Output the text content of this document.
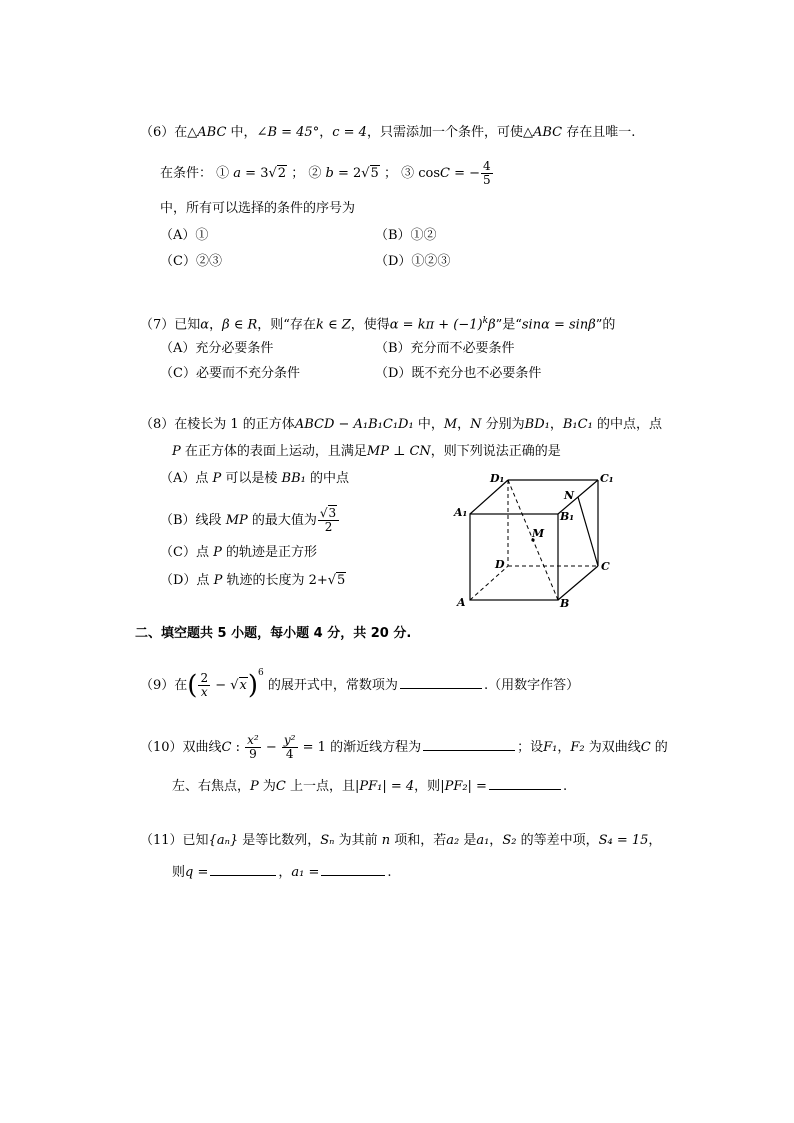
（6）在△ABC 中，∠B = 45°，c = 4，只需添加一个条件，可使△ABC 存在且唯一.
在条件： ① a = 3√2 ； ② b = 2√5 ； ③ cosC = − $\frac{4}{5}$
中，所有可以选择的条件的序号为
（A）①	（B）①②
（C）②③	（D）①②③
（7）已知α，β ∈ R，则“存在k ∈ Z，使得$\alpha = k\pi + (-1)^k\beta$”是“sinα = sinβ”的
（A）充分必要条件	（B）充分而不必要条件
（C）必要而不充分条件	（D）既不充分也不必要条件
（8）在棱长为 1 的正方体ABCD − A₁B₁C₁D₁ 中，M，N 分别为BD₁，B₁C₁ 的中点，点
P 在正方体的表面上运动，且满足MP ⊥ CN，则下列说法正确的是
（A）点 P 可以是棱 BB₁ 的中点
（B）线段 MP 的最大值为 $\frac{√3}{2}$
（C）点 P 的轨迹是正方形
（D）点 P 轨迹的长度为 2+√5
D₁	C₁
N
A₁	B₁
M
D	C
A	B
二、填空题共 5 小题，每小题 4 分，共 20 分.
（9）在( $\frac{2}{x} - √x)^6$ 的展开式中，常数项为	.（用数字作答）
（10）双曲线C : $\frac{\text{x²}}{9} - \frac{\text{y²}}{4} = 1$ 的渐近线方程为	；设F₁，F₂ 为双曲线C 的
左、右焦点，P 为C 上一点，且|PF₁| = 4，则|PF₂| =	.
（11）已知{aₙ} 是等比数列，Sₙ 为其前 n 项和，若a₂ 是a₁，S₂ 的等差中项，S₄ = 15，
则q =	，a₁ =	.
